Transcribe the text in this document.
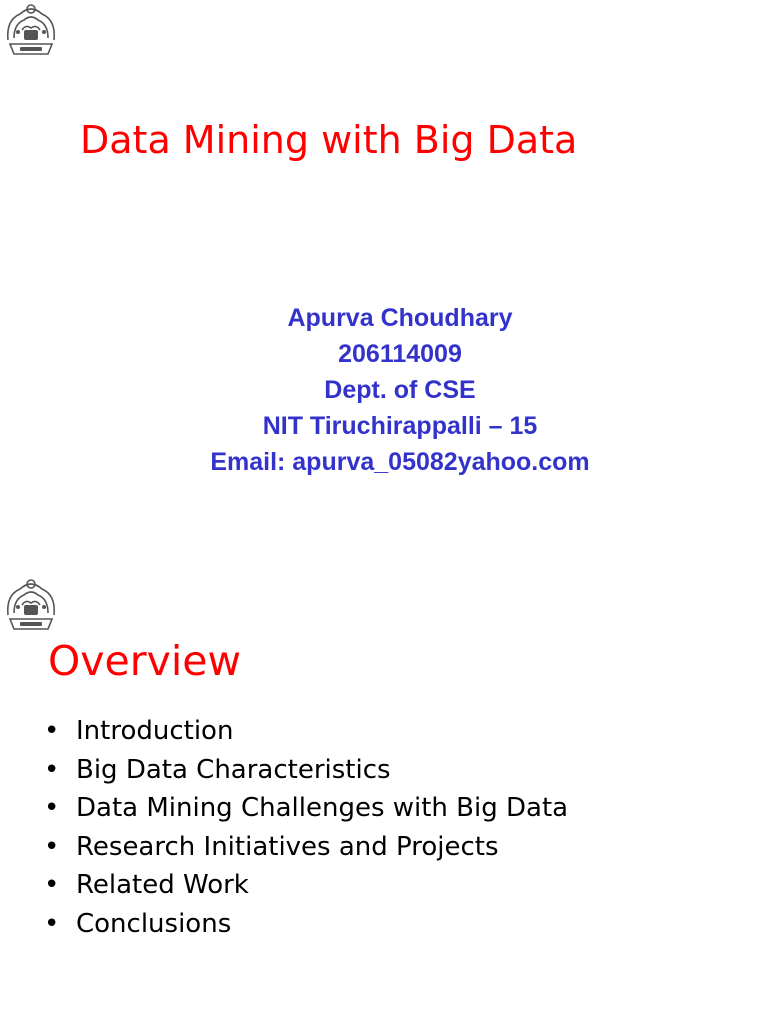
Data Mining with Big Data
Apurva Choudhary
206114009
Dept. of CSE
NIT Tiruchirappalli – 15
Email: apurva_05082yahoo.com
Overview
• Introduction
• Big Data Characteristics
• Data Mining Challenges with Big Data
• Research Initiatives and Projects
• Related Work
• Conclusions
